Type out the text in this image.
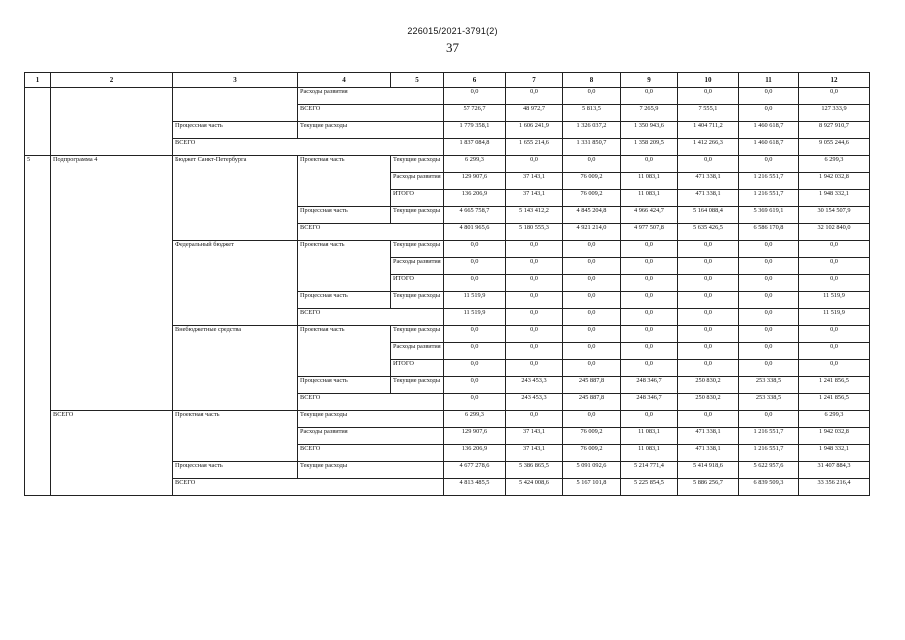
226015/2021-3791(2)
37
1	2	3	4	5	6	7	8	9	10	11	12
			Расходы развития		0,0	0,0	0,0	0,0	0,0	0,0	0,0
			ВСЕГО		57 726,7	48 972,7	5 813,5	7 265,9	7 555,1	0,0	127 333,9
		Процессная часть	Текущие расходы		1 779 358,1	1 606 241,9	1 326 037,2	1 350 943,6	1 404 711,2	1 460 618,7	8 927 910,7
		ВСЕГО			1 837 084,8	1 655 214,6	1 331 850,7	1 358 209,5	1 412 266,3	1 460 618,7	9 055 244,6
5	Подпрограмма 4	Бюджет Санкт-Петербурга	Проектная часть	Текущие расходы	6 299,3	0,0	0,0	0,0	0,0	0,0	6 299,3
				Расходы развития	129 907,6	37 143,1	76 009,2	11 083,1	471 338,1	1 216 551,7	1 942 032,8
				ИТОГО	136 206,9	37 143,1	76 009,2	11 083,1	471 338,1	1 216 551,7	1 948 332,1
			Процессная часть	Текущие расходы	4 665 758,7	5 143 412,2	4 845 204,8	4 966 424,7	5 164 088,4	5 369 619,1	30 154 507,9
			ВСЕГО		4 801 965,6	5 180 555,3	4 921 214,0	4 977 507,8	5 635 426,5	6 586 170,8	32 102 840,0
		Федеральный бюджет	Проектная часть	Текущие расходы	0,0	0,0	0,0	0,0	0,0	0,0	0,0
				Расходы развития	0,0	0,0	0,0	0,0	0,0	0,0	0,0
				ИТОГО	0,0	0,0	0,0	0,0	0,0	0,0	0,0
			Процессная часть	Текущие расходы	11 519,9	0,0	0,0	0,0	0,0	0,0	11 519,9
			ВСЕГО		11 519,9	0,0	0,0	0,0	0,0	0,0	11 519,9
		Внебюджетные средства	Проектная часть	Текущие расходы	0,0	0,0	0,0	0,0	0,0	0,0	0,0
				Расходы развития	0,0	0,0	0,0	0,0	0,0	0,0	0,0
				ИТОГО	0,0	0,0	0,0	0,0	0,0	0,0	0,0
			Процессная часть	Текущие расходы	0,0	243 453,3	245 887,8	248 346,7	250 830,2	253 338,5	1 241 856,5
			ВСЕГО		0,0	243 453,3	245 887,8	248 346,7	250 830,2	253 338,5	1 241 856,5
	ВСЕГО	Проектная часть	Текущие расходы		6 299,3	0,0	0,0	0,0	0,0	0,0	6 299,3
			Расходы развития		129 907,6	37 143,1	76 009,2	11 083,1	471 338,1	1 216 551,7	1 942 032,8
			ВСЕГО		136 206,9	37 143,1	76 009,2	11 083,1	471 338,1	1 216 551,7	1 948 332,1
		Процессная часть	Текущие расходы		4 677 278,6	5 386 865,5	5 091 092,6	5 214 771,4	5 414 918,6	5 622 957,6	31 407 884,3
		ВСЕГО			4 813 485,5	5 424 008,6	5 167 101,8	5 225 854,5	5 886 256,7	6 839 509,3	33 356 216,4
